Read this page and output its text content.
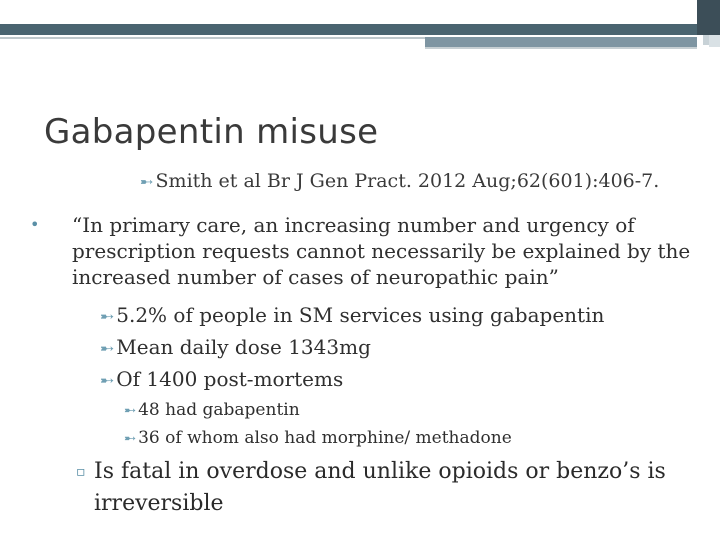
Gabapentin misuse
➸ Smith et al Br J Gen Pract. 2012 Aug;62(601):406-7.
• “In primary care, an increasing number and urgency of prescription requests cannot necessarily be explained by the increased number of cases of neuropathic pain”
➸ 5.2% of people in SM services using gabapentin
➸ Mean daily dose 1343mg
➸ Of 1400 post-mortems
➸ 48 had gabapentin
➸ 36 of whom also had morphine/ methadone
▫ Is fatal in overdose and unlike opioids or benzo’s is irreversible
